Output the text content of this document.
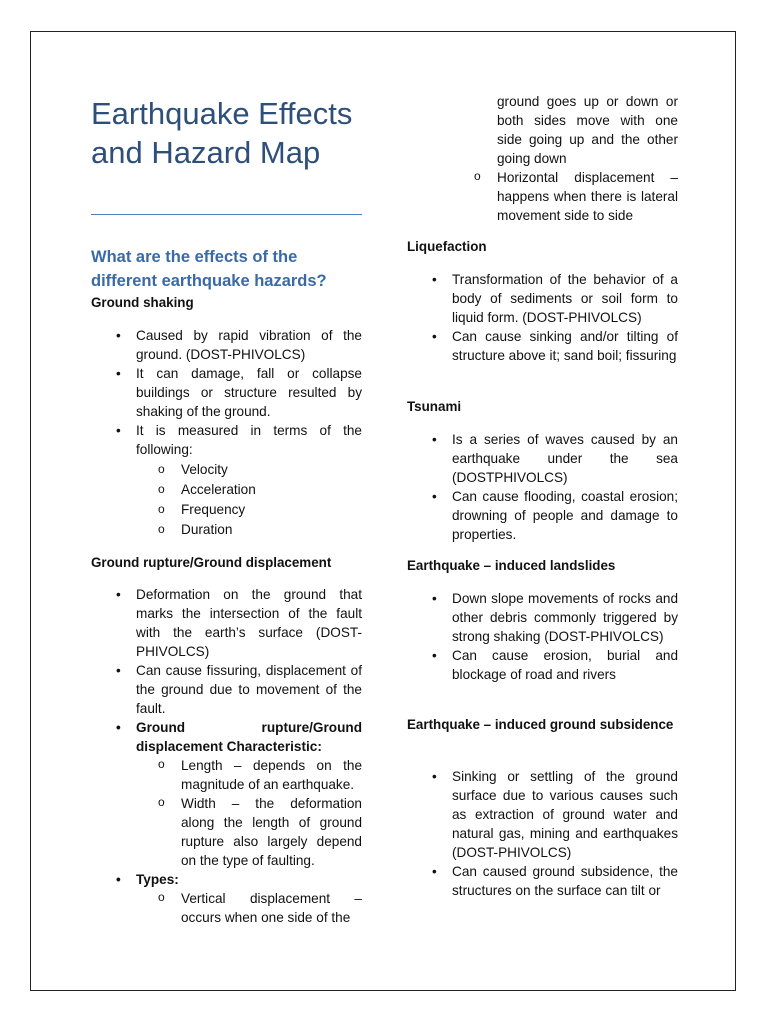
Earthquake Effects and Hazard Map
What are the effects of the different earthquake hazards?
Ground shaking
• Caused by rapid vibration of the ground. (DOST-PHIVOLCS)
• It can damage, fall or collapse buildings or structure resulted by shaking of the ground.
• It is measured in terms of the following:
o Velocity
o Acceleration
o Frequency
o Duration
Ground rupture/Ground displacement
• Deformation on the ground that marks the intersection of the fault with the earth’s surface (DOST-PHIVOLCS)
• Can cause fissuring, displacement of the ground due to movement of the fault.
• Ground rupture/Ground displacement Characteristic:
o Length – depends on the magnitude of an earthquake.
o Width – the deformation along the length of ground rupture also largely depend on the type of faulting.
• Types:
o Vertical displacement – occurs when one side of the
ground goes up or down or both sides move with one side going up and the other going down
o Horizontal displacement – happens when there is lateral movement side to side
Liquefaction
• Transformation of the behavior of a body of sediments or soil form to liquid form. (DOST-PHIVOLCS)
• Can cause sinking and/or tilting of structure above it; sand boil; fissuring
Tsunami
• Is a series of waves caused by an earthquake under the sea (DOSTPHIVOLCS)
• Can cause flooding, coastal erosion; drowning of people and damage to properties.
Earthquake – induced landslides
• Down slope movements of rocks and other debris commonly triggered by strong shaking (DOST-PHIVOLCS)
• Can cause erosion, burial and blockage of road and rivers
Earthquake – induced ground subsidence
• Sinking or settling of the ground surface due to various causes such as extraction of ground water and natural gas, mining and earthquakes (DOST-PHIVOLCS)
• Can caused ground subsidence, the structures on the surface can tilt or
